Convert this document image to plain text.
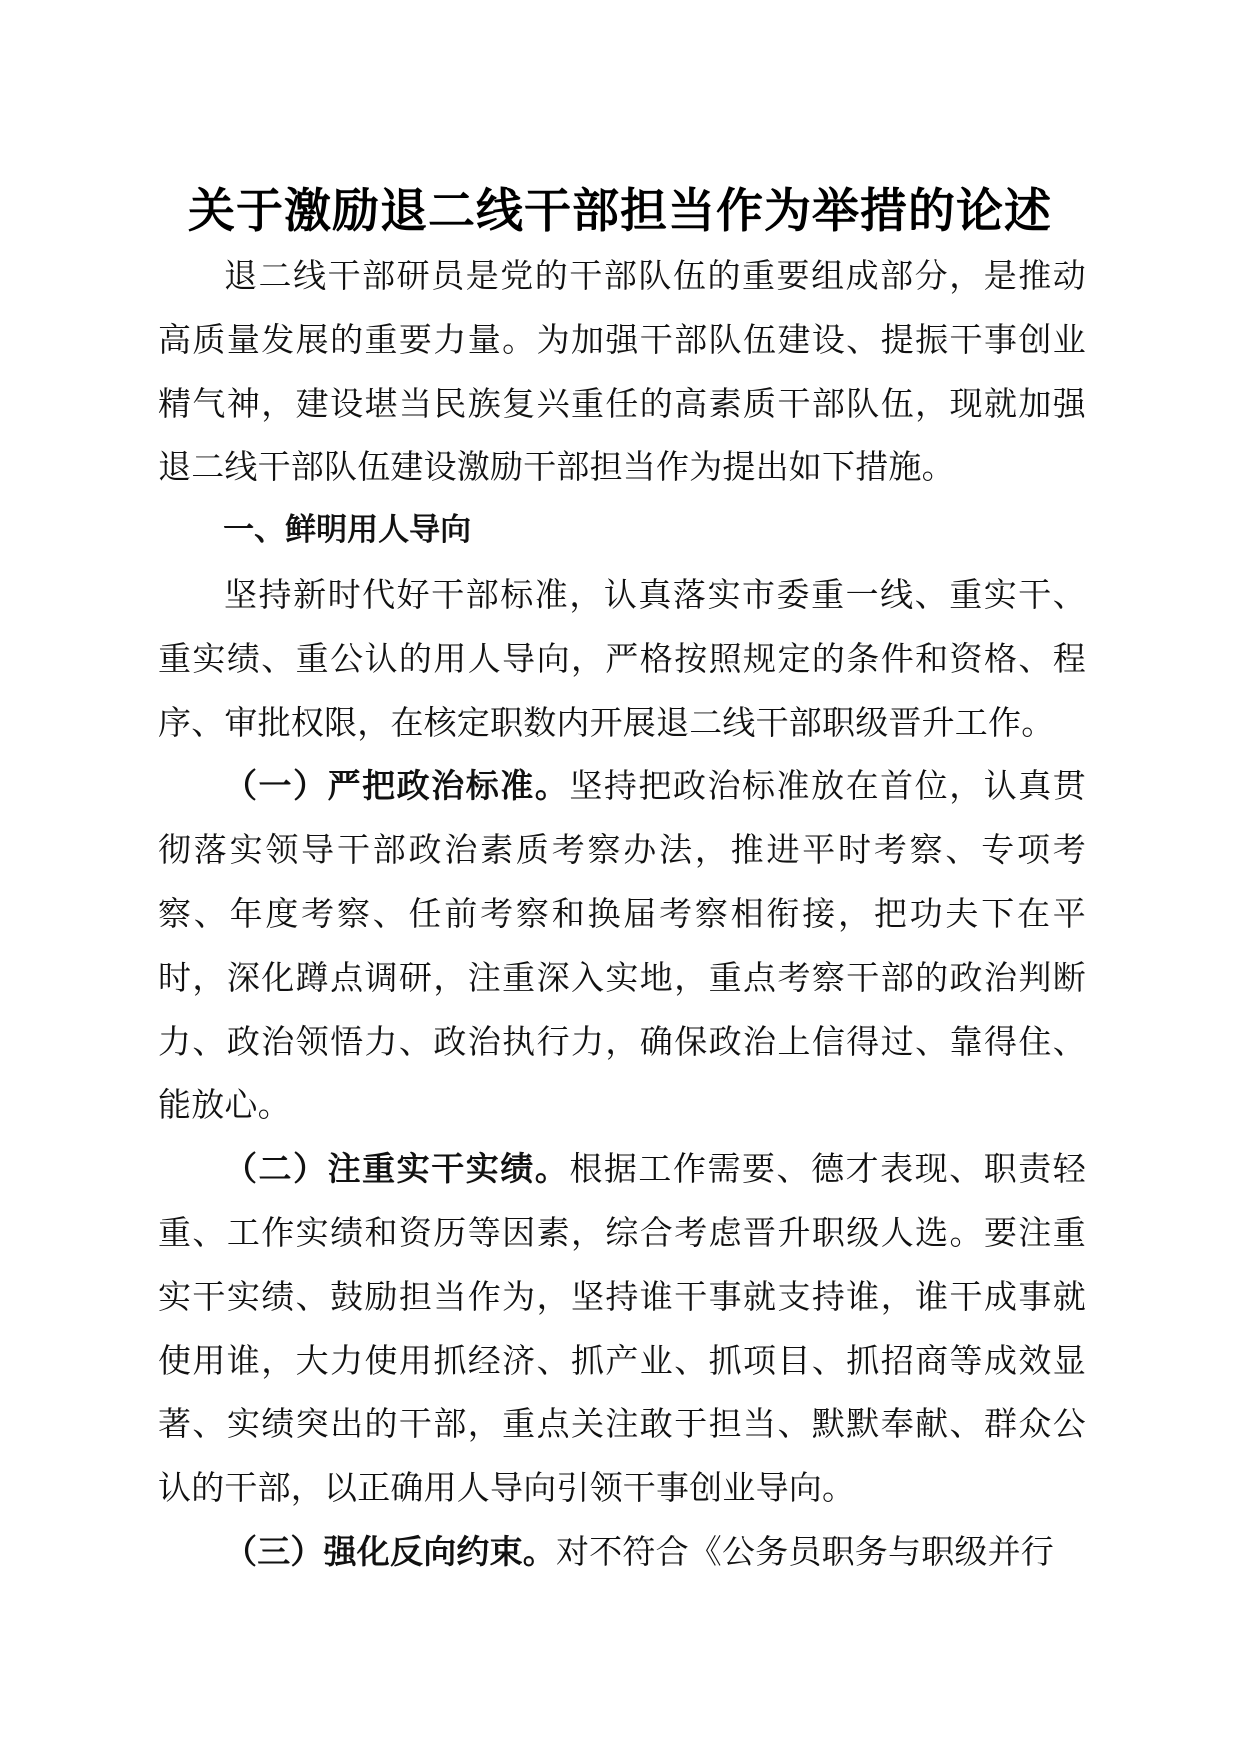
关于激励退二线干部担当作为举措的论述

退二线干部研员是党的干部队伍的重要组成部分，是推动高质量发展的重要力量。为加强干部队伍建设、提振干事创业精气神，建设堪当民族复兴重任的高素质干部队伍，现就加强退二线干部队伍建设激励干部担当作为提出如下措施。

一、鲜明用人导向

坚持新时代好干部标准，认真落实市委重一线、重实干、重实绩、重公认的用人导向，严格按照规定的条件和资格、程序、审批权限，在核定职数内开展退二线干部职级晋升工作。

（一）严把政治标准。坚持把政治标准放在首位，认真贯彻落实领导干部政治素质考察办法，推进平时考察、专项考察、年度考察、任前考察和换届考察相衔接，把功夫下在平时，深化蹲点调研，注重深入实地，重点考察干部的政治判断力、政治领悟力、政治执行力，确保政治上信得过、靠得住、能放心。

（二）注重实干实绩。根据工作需要、德才表现、职责轻重、工作实绩和资历等因素，综合考虑晋升职级人选。要注重实干实绩、鼓励担当作为，坚持谁干事就支持谁，谁干成事就使用谁，大力使用抓经济、抓产业、抓项目、抓招商等成效显著、实绩突出的干部，重点关注敢于担当、默默奉献、群众公认的干部，以正确用人导向引领干事创业导向。

（三）强化反向约束。对不符合《公务员职务与职级并行
